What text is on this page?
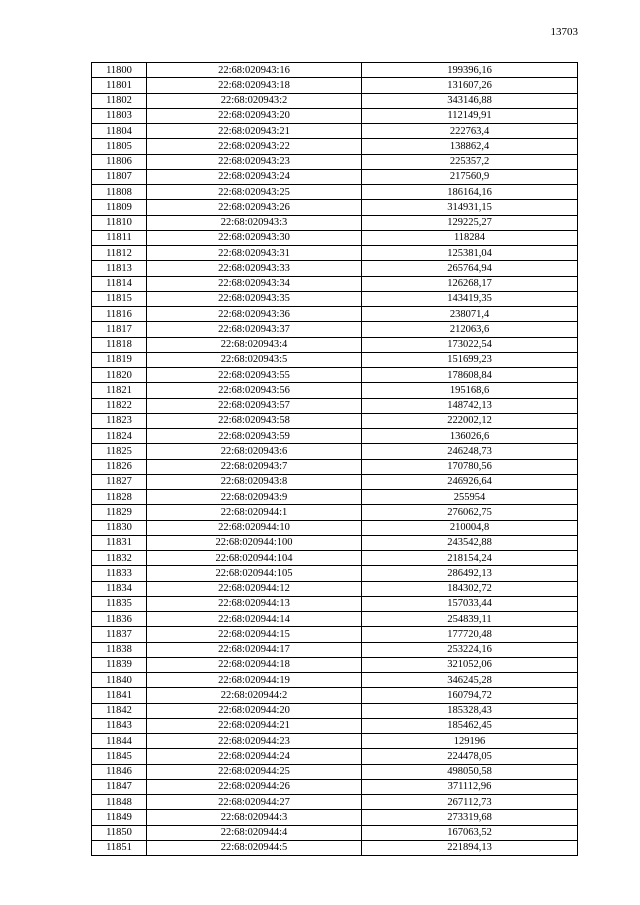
13703
11800	22:68:020943:16	199396,16
11801	22:68:020943:18	131607,26
11802	22:68:020943:2	343146,88
11803	22:68:020943:20	112149,91
11804	22:68:020943:21	222763,4
11805	22:68:020943:22	138862,4
11806	22:68:020943:23	225357,2
11807	22:68:020943:24	217560,9
11808	22:68:020943:25	186164,16
11809	22:68:020943:26	314931,15
11810	22:68:020943:3	129225,27
11811	22:68:020943:30	118284
11812	22:68:020943:31	125381,04
11813	22:68:020943:33	265764,94
11814	22:68:020943:34	126268,17
11815	22:68:020943:35	143419,35
11816	22:68:020943:36	238071,4
11817	22:68:020943:37	212063,6
11818	22:68:020943:4	173022,54
11819	22:68:020943:5	151699,23
11820	22:68:020943:55	178608,84
11821	22:68:020943:56	195168,6
11822	22:68:020943:57	148742,13
11823	22:68:020943:58	222002,12
11824	22:68:020943:59	136026,6
11825	22:68:020943:6	246248,73
11826	22:68:020943:7	170780,56
11827	22:68:020943:8	246926,64
11828	22:68:020943:9	255954
11829	22:68:020944:1	276062,75
11830	22:68:020944:10	210004,8
11831	22:68:020944:100	243542,88
11832	22:68:020944:104	218154,24
11833	22:68:020944:105	286492,13
11834	22:68:020944:12	184302,72
11835	22:68:020944:13	157033,44
11836	22:68:020944:14	254839,11
11837	22:68:020944:15	177720,48
11838	22:68:020944:17	253224,16
11839	22:68:020944:18	321052,06
11840	22:68:020944:19	346245,28
11841	22:68:020944:2	160794,72
11842	22:68:020944:20	185328,43
11843	22:68:020944:21	185462,45
11844	22:68:020944:23	129196
11845	22:68:020944:24	224478,05
11846	22:68:020944:25	498050,58
11847	22:68:020944:26	371112,96
11848	22:68:020944:27	267112,73
11849	22:68:020944:3	273319,68
11850	22:68:020944:4	167063,52
11851	22:68:020944:5	221894,13
